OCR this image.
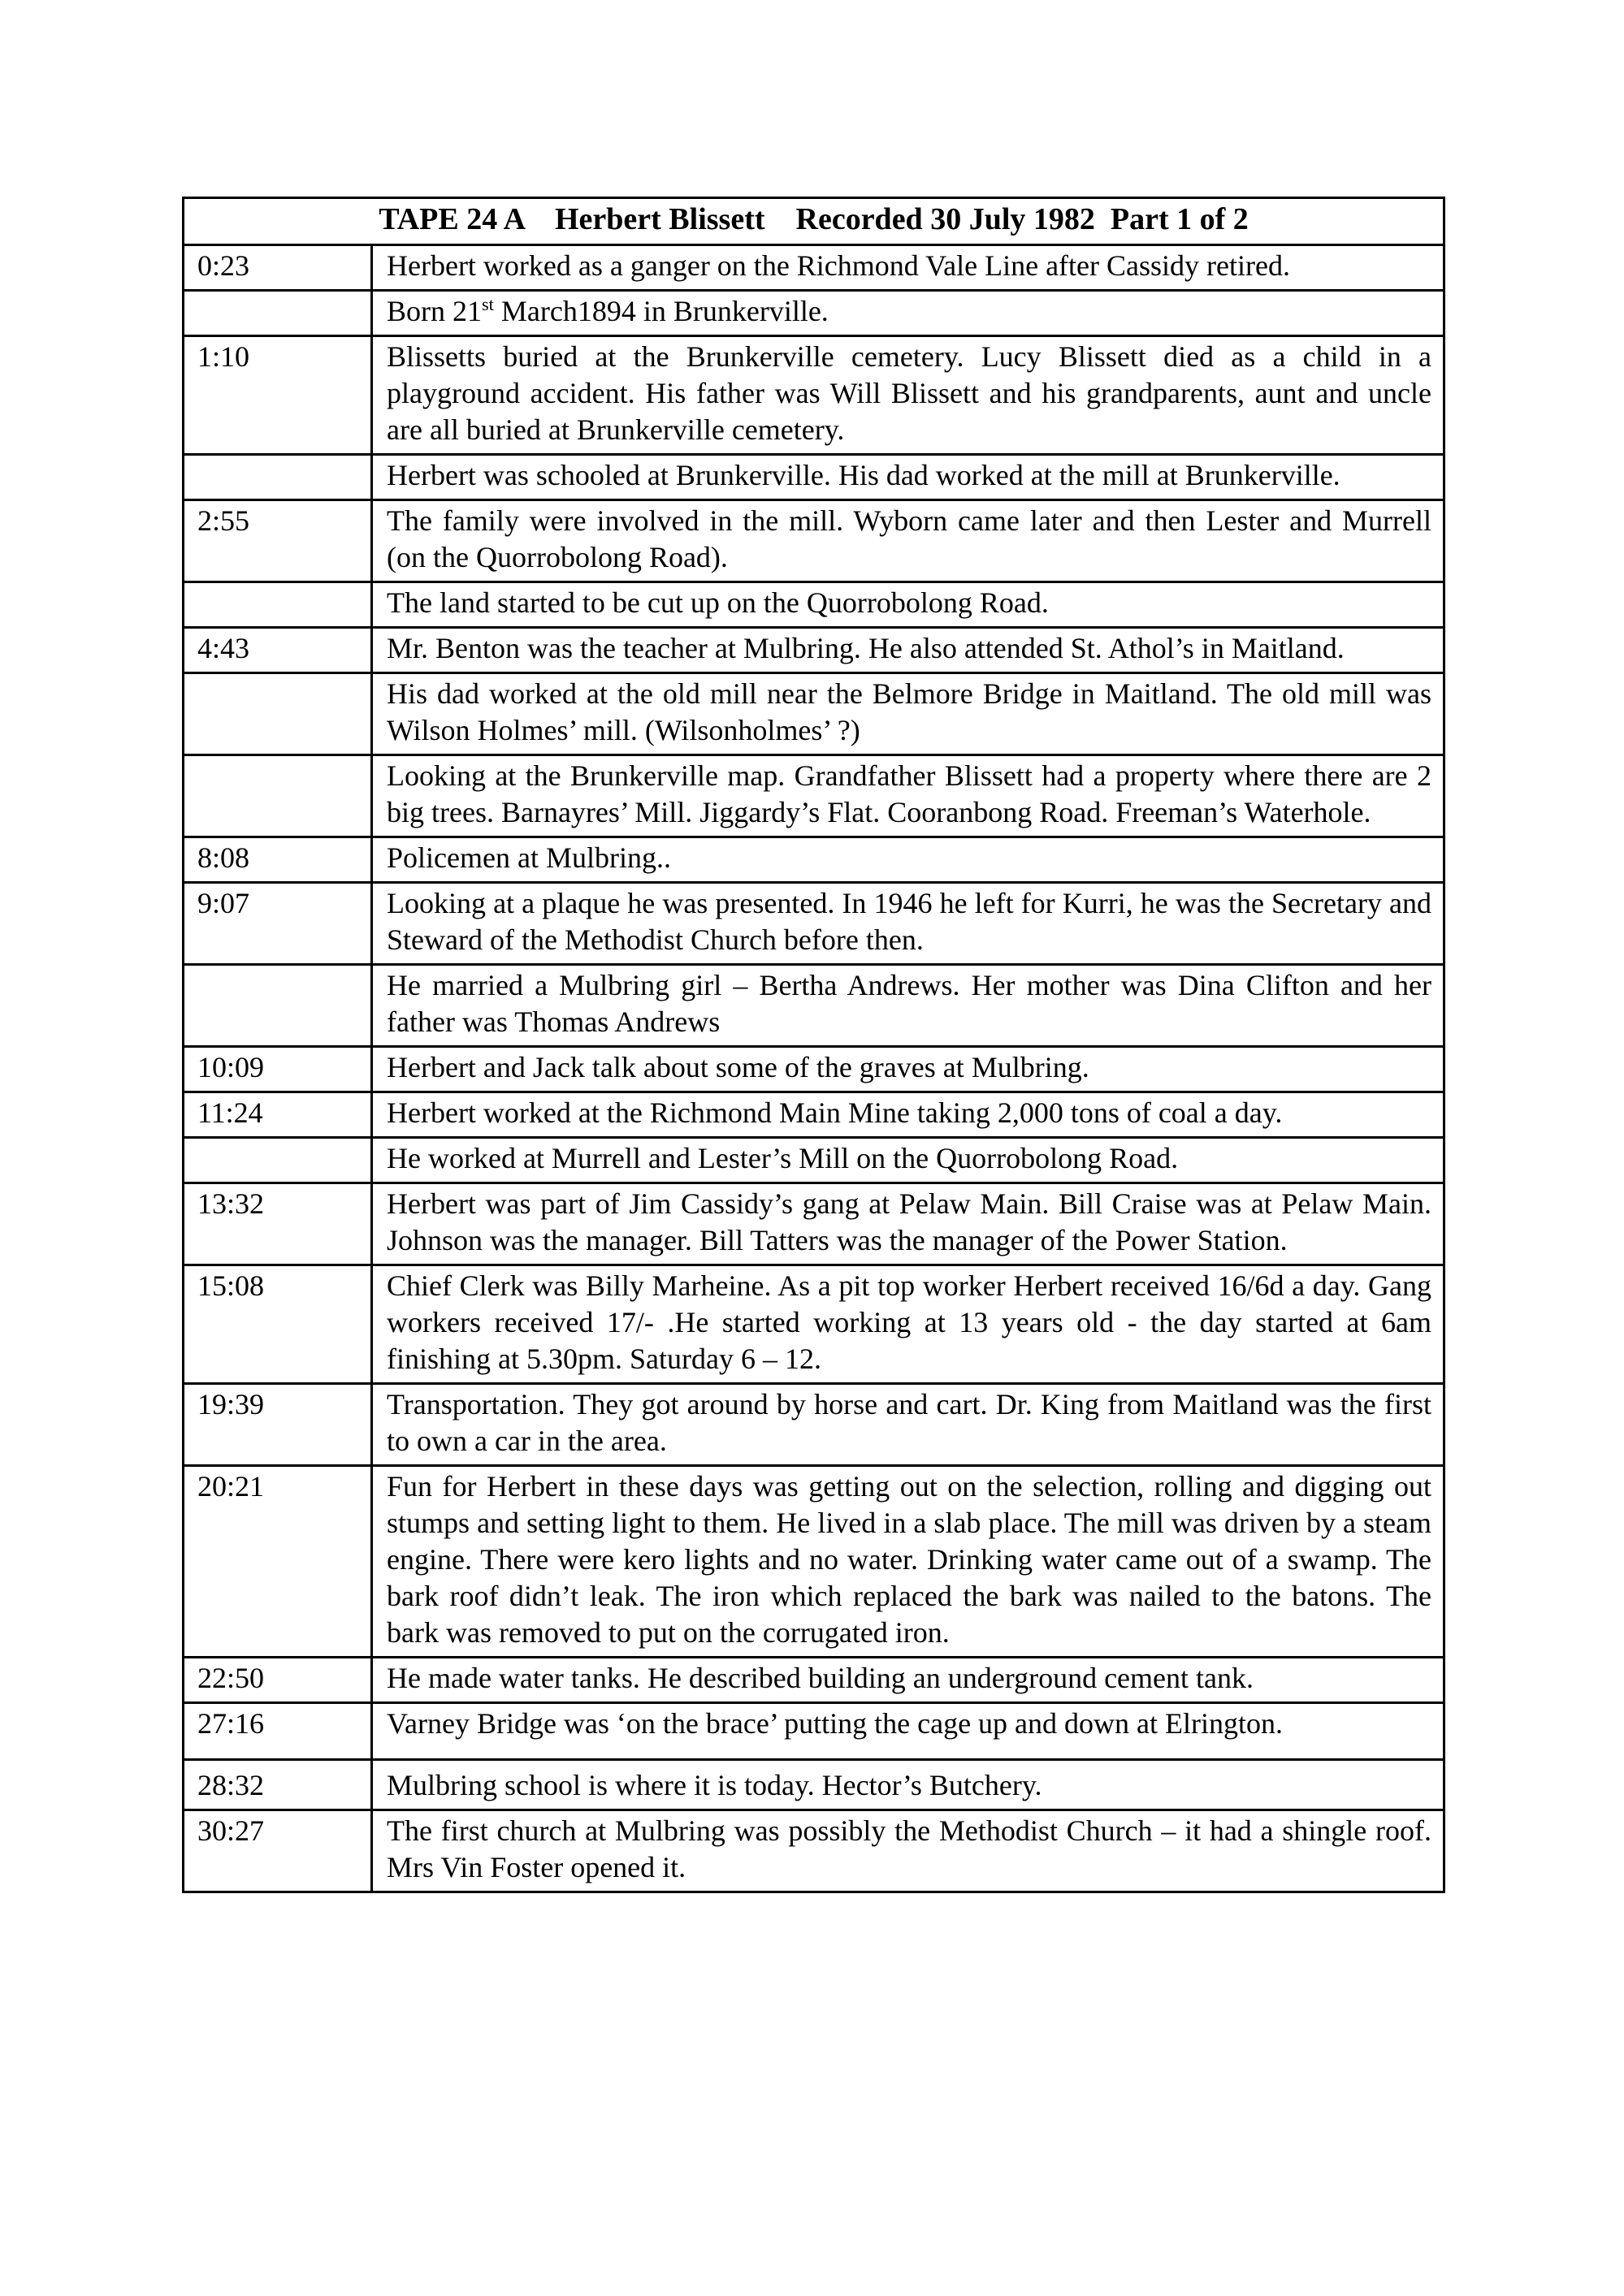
TAPE 24 A    Herbert Blissett    Recorded 30 July 1982  Part 1 of 2	
0:23	Herbert worked as a ganger on the Richmond Vale Line after Cassidy retired.
	Born 21st March1894 in Brunkerville.
1:10	Blissetts buried at the Brunkerville cemetery. Lucy Blissett died as a child in a playground accident. His father was Will Blissett and his grandparents, aunt and uncle are all buried at Brunkerville cemetery.
	Herbert was schooled at Brunkerville. His dad worked at the mill at Brunkerville.
2:55	The family were involved in the mill. Wyborn came later and then Lester and Murrell (on the Quorrobolong Road).
	The land started to be cut up on the Quorrobolong Road.
4:43	Mr. Benton was the teacher at Mulbring. He also attended St. Athol’s in Maitland.
	His dad worked at the old mill near the Belmore Bridge in Maitland. The old mill was Wilson Holmes’ mill. (Wilsonholmes’ ?)
	Looking at the Brunkerville map. Grandfather Blissett had a property where there are 2 big trees. Barnayres’ Mill. Jiggardy’s Flat. Cooranbong Road. Freeman’s Waterhole.
8:08	Policemen at Mulbring..
9:07	Looking at a plaque he was presented. In 1946 he left for Kurri, he was the Secretary and Steward of the Methodist Church before then.
	He married a Mulbring girl – Bertha Andrews. Her mother was Dina Clifton and her father was Thomas Andrews
10:09	Herbert and Jack talk about some of the graves at Mulbring.
11:24	Herbert worked at the Richmond Main Mine taking 2,000 tons of coal a day.
	He worked at Murrell and Lester’s Mill on the Quorrobolong Road.
13:32	Herbert was part of Jim Cassidy’s gang at Pelaw Main. Bill Craise was at Pelaw Main. Johnson was the manager. Bill Tatters was the manager of the Power Station.
15:08	Chief Clerk was Billy Marheine. As a pit top worker Herbert received 16/6d a day. Gang workers received 17/- .He started working at 13 years old - the day started at 6am finishing at 5.30pm. Saturday 6 – 12.
19:39	Transportation. They got around by horse and cart. Dr. King from Maitland was the first to own a car in the area.
20:21	Fun for Herbert in these days was getting out on the selection, rolling and digging out stumps and setting light to them. He lived in a slab place. The mill was driven by a steam engine. There were kero lights and no water. Drinking water came out of a swamp. The bark roof didn’t leak. The iron which replaced the bark was nailed to the batons. The bark was removed to put on the corrugated iron.
22:50	He made water tanks. He described building an underground cement tank.
27:16	Varney Bridge was ‘on the brace’ putting the cage up and down at Elrington.
28:32	Mulbring school is where it is today. Hector’s Butchery.
30:27	The first church at Mulbring was possibly the Methodist Church – it had a shingle roof. Mrs Vin Foster opened it.
